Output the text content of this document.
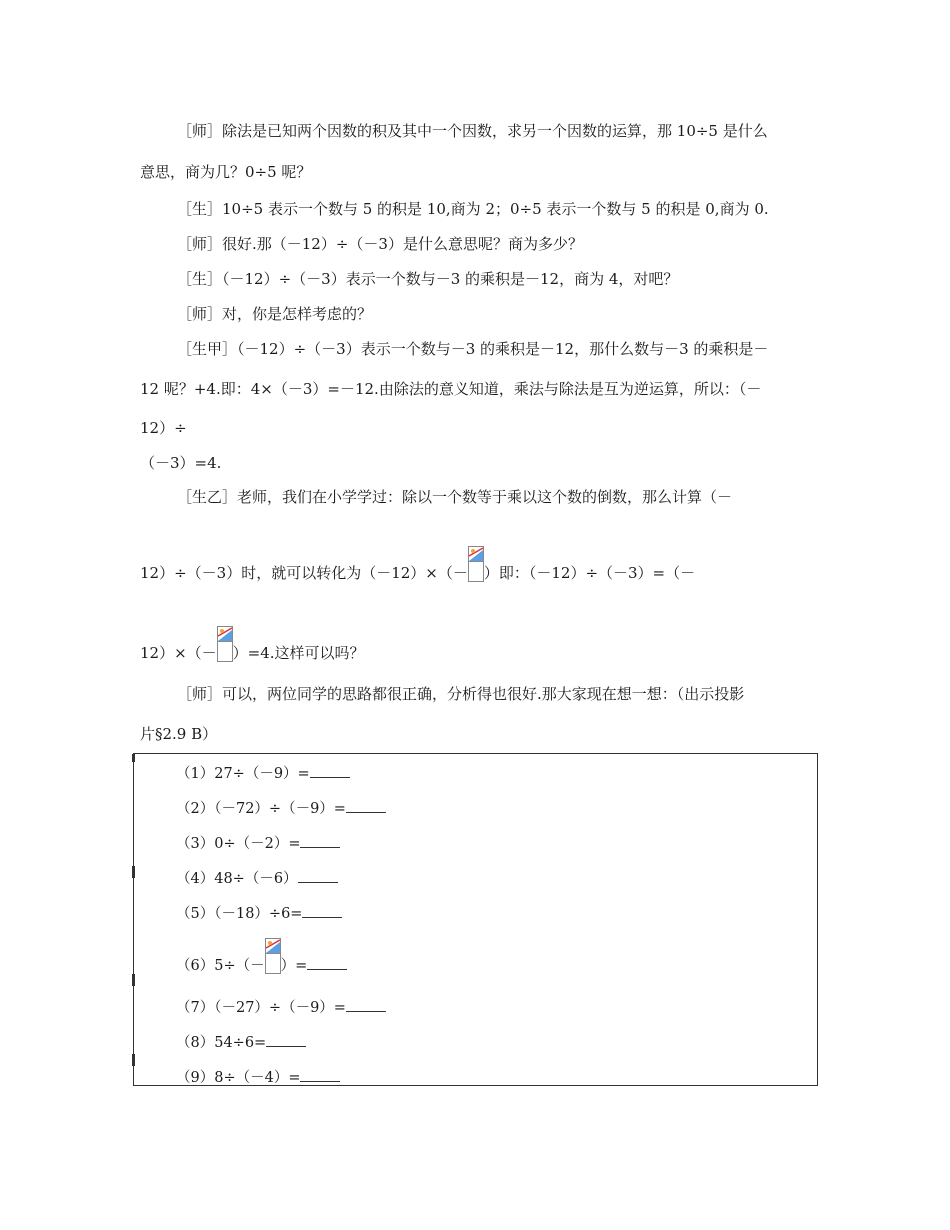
［师］除法是已知两个因数的积及其中一个因数，求另一个因数的运算，那 10÷5 是什么
意思，商为几？0÷5 呢？
［生］10÷5 表示一个数与 5 的积是 10,商为 2；0÷5 表示一个数与 5 的积是 0,商为 0.
［师］很好.那（－12）÷（－3）是什么意思呢？商为多少？
［生］（－12）÷（－3）表示一个数与－3 的乘积是－12，商为 4，对吧？
［师］对，你是怎样考虑的？
［生甲］（－12）÷（－3）表示一个数与－3 的乘积是－12，那什么数与－3 的乘积是－
12 呢？+4.即：4×（－3）=－12.由除法的意义知道，乘法与除法是互为逆运算，所以：（－
12）÷
（－3）=4.
［生乙］老师，我们在小学学过：除以一个数等于乘以这个数的倒数，那么计算（－
12）÷（－3）时，就可以转化为（－12）×（－ ）即：（－12）÷（－3）=（－
12）×（－ ）=4.这样可以吗？
［师］可以，两位同学的思路都很正确，分析得也很好.那大家现在想一想：（出示投影
片§2.9 B）
（1）27÷（－9）=
（2）（－72）÷（－9）=
（3）0÷（－2）=
（4）48÷（－6）
（5）（－18）÷6=
（6）5÷（－ ）=
（7）（－27）÷（－9）=
（8）54÷6=
（9）8÷（－4）=
